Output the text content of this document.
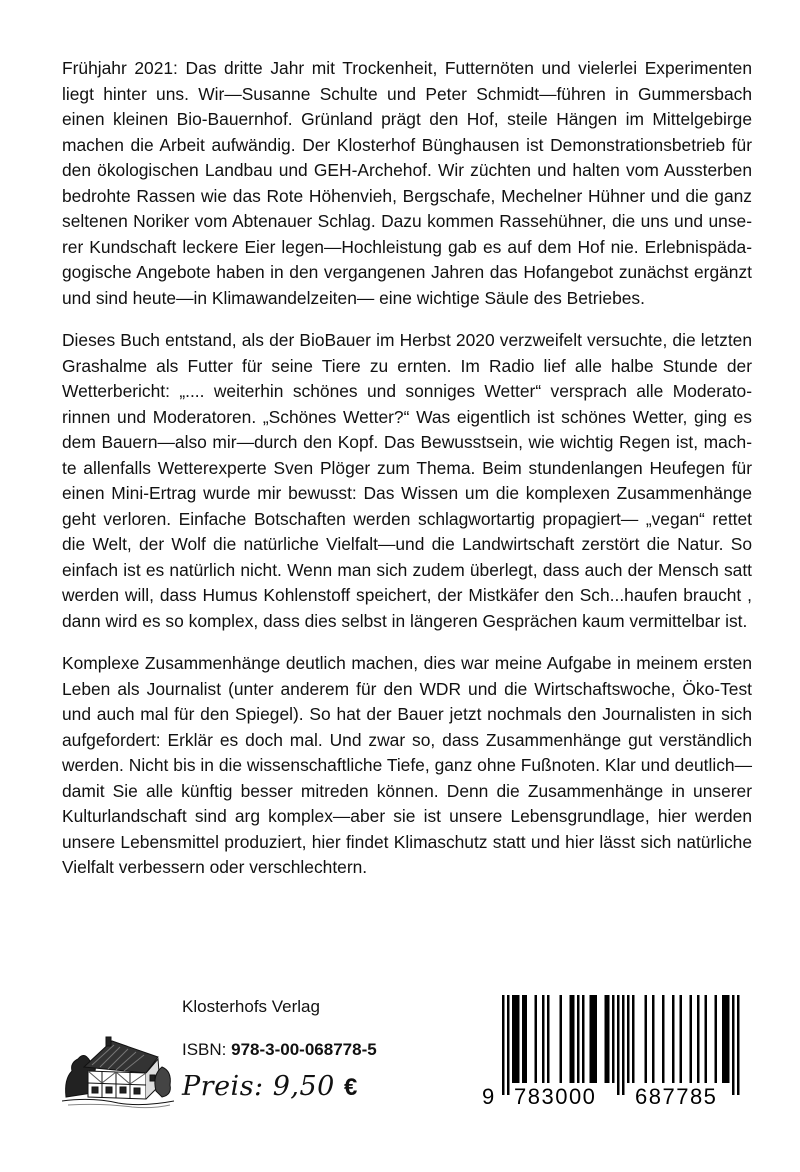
Frühjahr 2021: Das dritte Jahr mit Trockenheit, Futternöten und vielerlei Experimenten liegt hinter uns. Wir—Susanne Schulte und Peter Schmidt—führen in Gummersbach einen kleinen Bio-Bauernhof. Grünland prägt den Hof, steile Hängen im Mittelgebirge machen die Arbeit aufwändig. Der Klosterhof Bünghausen ist Demonstrationsbetrieb für den ökologischen Landbau und GEH-Archehof. Wir züchten und halten vom Aussterben bedrohte Rassen wie das Rote Höhenvieh, Bergschafe, Mechelner Hühner und die ganz seltenen Noriker vom Abtenauer Schlag. Dazu kommen Rassehühner, die uns und unserer Kundschaft leckere Eier legen—Hochleistung gab es auf dem Hof nie. Erlebnispädagogische Angebote haben in den vergangenen Jahren das Hofangebot zunächst ergänzt und sind heute—in Klimawandelzeiten— eine wichtige Säule des Betriebes.

Dieses Buch entstand, als der BioBauer im Herbst 2020 verzweifelt versuchte, die letzten Grashalme als Futter für seine Tiere zu ernten. Im Radio lief alle halbe Stunde der Wetterbericht: „.... weiterhin schönes und sonniges Wetter“ versprach alle Moderatorinnen und Moderatoren. „Schönes Wetter?“ Was eigentlich ist schönes Wetter, ging es dem Bauern—also mir—durch den Kopf. Das Bewusstsein, wie wichtig Regen ist, machte allenfalls Wetterexperte Sven Plöger zum Thema. Beim stundenlangen Heufegen für einen Mini-Ertrag wurde mir bewusst: Das Wissen um die komplexen Zusammenhänge geht verloren. Einfache Botschaften werden schlagwortartig propagiert— „vegan“ rettet die Welt, der Wolf die natürliche Vielfalt—und die Landwirtschaft zerstört die Natur. So einfach ist es natürlich nicht. Wenn man sich zudem überlegt, dass auch der Mensch satt werden will, dass Humus Kohlenstoff speichert, der Mistkäfer den Sch...haufen braucht , dann wird es so komplex, dass dies selbst in längeren Gesprächen kaum vermittelbar ist.

Komplexe Zusammenhänge deutlich machen, dies war meine Aufgabe in meinem ersten Leben als Journalist (unter anderem für den WDR und die Wirtschaftswoche, Öko-Test und auch mal für den Spiegel). So hat der Bauer jetzt nochmals den Journalisten in sich aufgefordert: Erklär es doch mal. Und zwar so, dass Zusammenhänge gut verständlich werden. Nicht bis in die wissenschaftliche Tiefe, ganz ohne Fußnoten. Klar und deutlich—damit Sie alle künftig besser mitreden können. Denn die Zusammenhänge in unserer Kulturlandschaft sind arg komplex—aber sie ist unsere Lebensgrundlage, hier werden unsere Lebensmittel produziert, hier findet Klimaschutz statt und hier lässt sich natürliche Vielfalt verbessern oder verschlechtern.

Klosterhofs Verlag
ISBN: 978-3-00-068778-5
Preis: 9,50 €	9 783000 687785
